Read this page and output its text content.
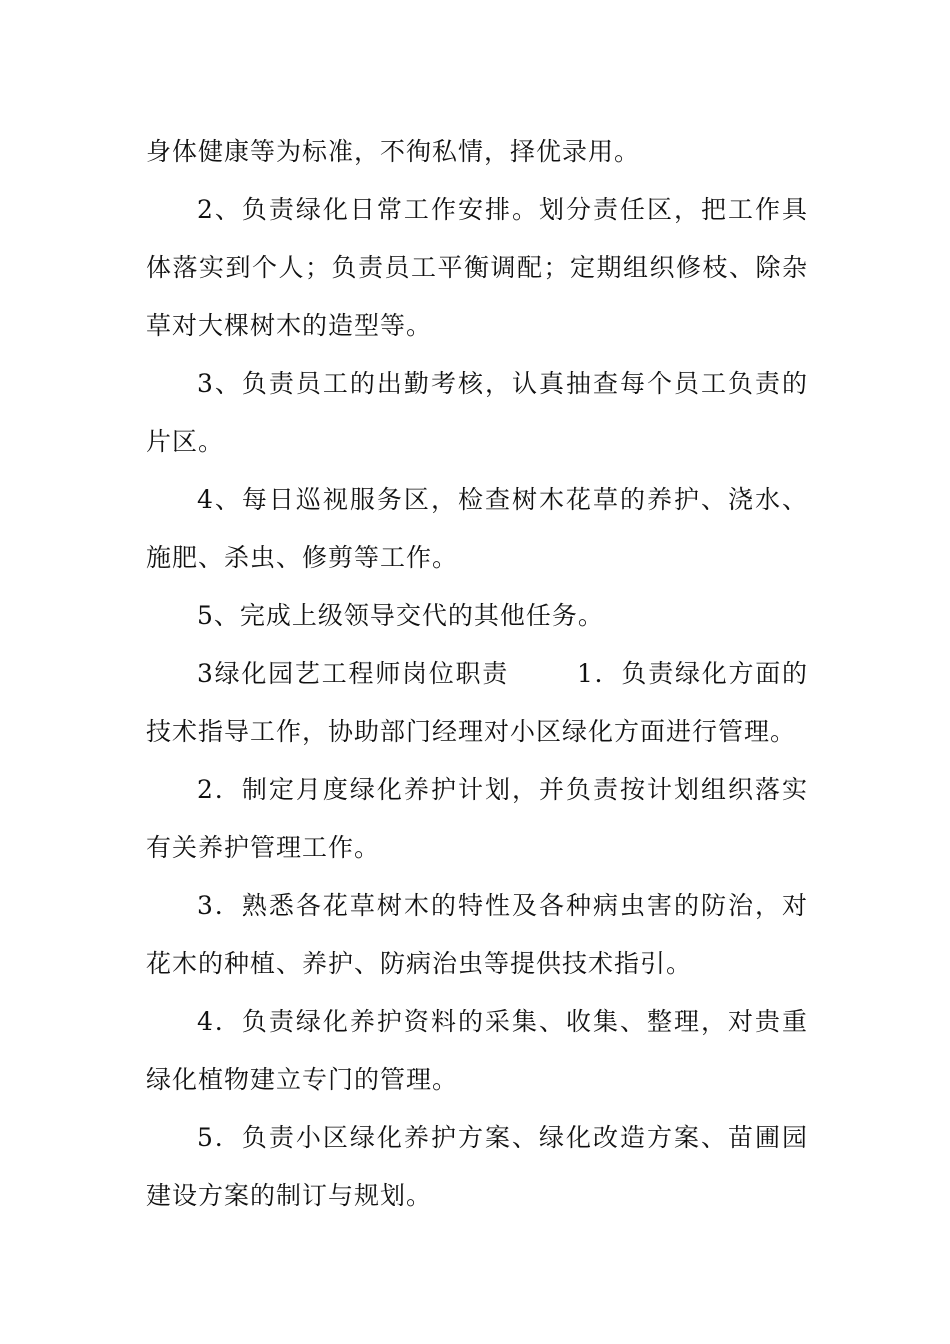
身体健康等为标准，不徇私情，择优录用。

2、负责绿化日常工作安排。划分责任区，把工作具体落实到个人；负责员工平衡调配；定期组织修枝、除杂草对大棵树木的造型等。

3、负责员工的出勤考核，认真抽查每个员工负责的片区。

4、每日巡视服务区，检查树木花草的养护、浇水、施肥、杀虫、修剪等工作。

5、完成上级领导交代的其他任务。

3绿化园艺工程师岗位职责	1．负责绿化方面的技术指导工作，协助部门经理对小区绿化方面进行管理。

2．制定月度绿化养护计划，并负责按计划组织落实有关养护管理工作。

3．熟悉各花草树木的特性及各种病虫害的防治，对花木的种植、养护、防病治虫等提供技术指引。

4．负责绿化养护资料的采集、收集、整理，对贵重绿化植物建立专门的管理。

5．负责小区绿化养护方案、绿化改造方案、苗圃园建设方案的制订与规划。
